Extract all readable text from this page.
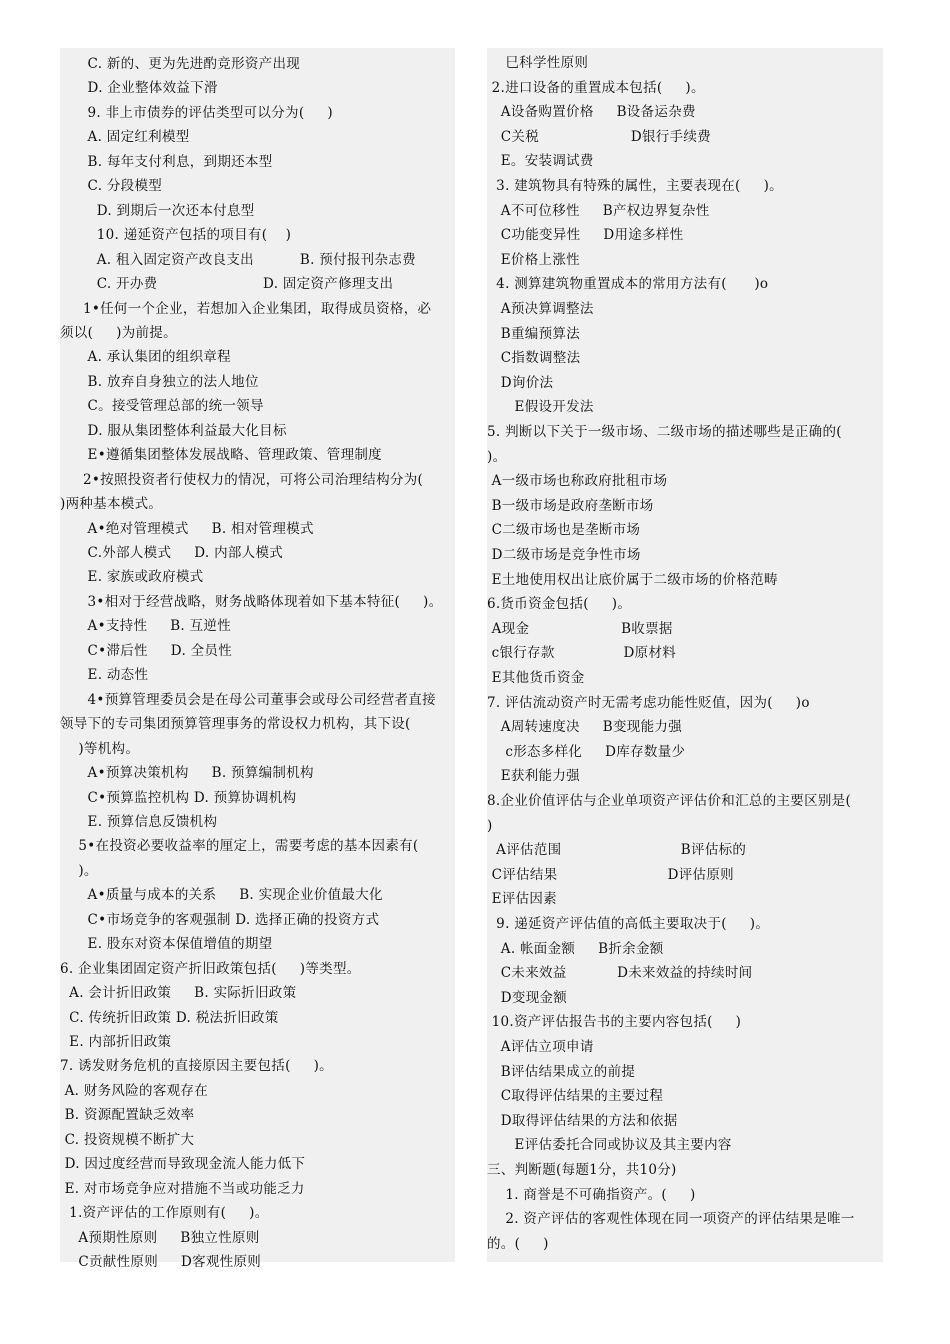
C. 新的、更为先进酌竞形资产出现
D. 企业整体效益下滑
9. 非上市债券的评估类型可以分为(     )
A. 固定红利模型
B. 每年支付利息，到期还本型
C. 分段模型
D. 到期后一次还本付息型
10. 递延资产包括的项目有(    )
A. 租入固定资产改良支出          B. 预付报刊杂志费
C. 开办费                       D. 固定资产修理支出
1•任何一个企业，若想加入企业集团，取得成员资格，必
须以(     )为前提。
A. 承认集团的组织章程
B. 放弃自身独立的法人地位
C。接受管理总部的统一领导
D. 服从集团整体利益最大化目标
E•遵循集团整体发展战略、管理政策、管理制度
2•按照投资者行使权力的情况，可将公司治理结构分为(
)两种基本模式。
A•绝对管理模式     B. 相对管理模式
C.外部人模式     D. 内部人模式
E. 家族或政府模式
3•相对于经营战略，财务战略体现着如下基本特征(     )。
A•支持性     B. 互逆性
C•滞后性     D. 全员性
E. 动态性
4•预算管理委员会是在母公司董事会或母公司经营者直接
领导下的专司集团预算管理事务的常设权力机构，其下设(
)等机构。
A•预算决策机构     B. 预算编制机构
C•预算监控机构 D. 预算协调机构
E. 预算信息反馈机构
5•在投资必要收益率的厘定上，需要考虑的基本因素有(
)。
A•质量与成本的关系     B. 实现企业价值最大化
C•市场竞争的客观强制 D. 选择正确的投资方式
E. 股东对资本保值增值的期望
6. 企业集团固定资产折旧政策包括(     )等类型。
A. 会计折旧政策     B. 实际折旧政策
C. 传统折旧政策 D. 税法折旧政策
E. 内部折旧政策
7. 诱发财务危机的直接原因主要包括(     )。
A. 财务风险的客观存在
B. 资源配置缺乏效率
C. 投资规模不断扩大
D. 因过度经营而导致现金流人能力低下
E. 对市场竞争应对措施不当或功能乏力
1.资产评估的工作原则有(     )。
A预期性原则     B独立性原则
C贡献性原则     D客观性原则
巳科学性原则
2.进口设备的重置成本包括(     )。
A设备购置价格     B设备运杂费
C关税                    D银行手续费
E。安装调试费
3. 建筑物具有特殊的属性，主要表现在(     )。
A不可位移性     B产权边界复杂性
C功能变异性     D用途多样性
E价格上涨性
4. 测算建筑物重置成本的常用方法有(      )o
A预决算调整法
B重编预算法
C指数调整法
D询价法
E假设开发法
5. 判断以下关于一级市场、二级市场的描述哪些是正确的(
)。
A一级市场也称政府批租市场
B一级市场是政府垄断市场
C二级市场也是垄断市场
D二级市场是竞争性市场
E土地使用权出让底价属于二级市场的价格范畴
6.货币资金包括(     )。
A现金                    B收票据
c银行存款               D原材料
E其他货币资金
7. 评估流动资产时无需考虑功能性贬值，因为(     )o
A周转速度决     B变现能力强
c形态多样化     D库存数量少
E获利能力强
8.企业价值评估与企业单项资产评估价和汇总的主要区别是(
)
A评估范围                          B评估标的
C评估结果                        D评估原则
E评估因素
9. 递延资产评估值的高低主要取决于(     )。
A. 帐面金额     B折余金额
C未来效益           D未来效益的持续时间
D变现金额
10.资产评估报告书的主要内容包括(     )
A评估立项申请
B评估结果成立的前提
C取得评估结果的主要过程
D取得评估结果的方法和依据
E评估委托合同或协议及其主要内容
三、判断题(每题1分，共10分)
1. 商誉是不可确指资产。(     )
2. 资产评估的客观性体现在同一项资产的评估结果是唯一
的。(     )
